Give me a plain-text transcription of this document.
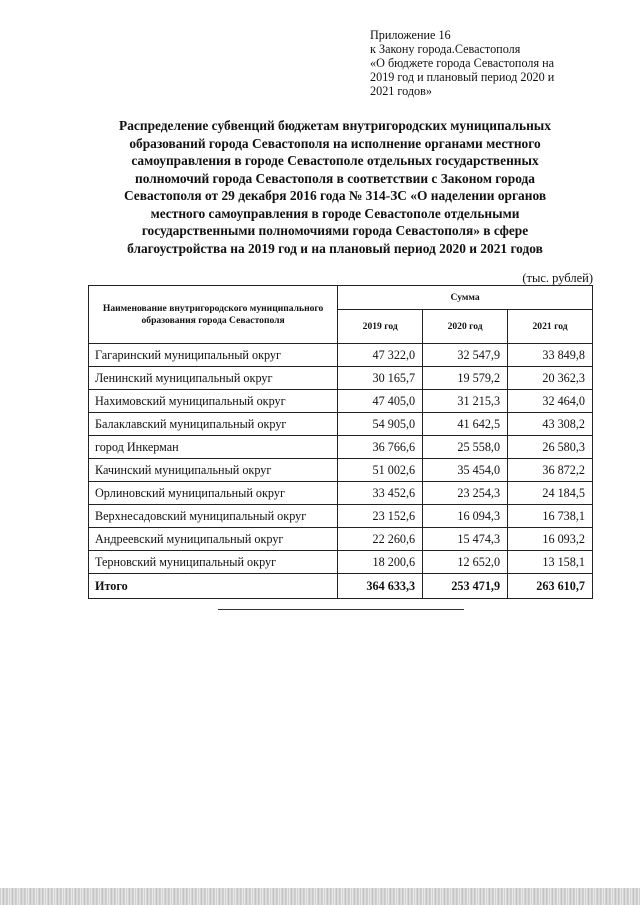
Приложение 16
к Закону города.Севастополя
«О бюджете города Севастополя на
2019 год и плановый период 2020 и
2021 годов»
Распределение субвенций бюджетам внутригородских муниципальных
образований города Севастополя на исполнение органами местного
самоуправления в городе Севастополе отдельных государственных
полномочий города Севастополя в соответствии с Законом города
Севастополя от 29 декабря 2016 года № 314-ЗС «О наделении органов
местного самоуправления в городе Севастополе отдельными
государственными полномочиями города Севастополя» в сфере
благоустройства на 2019 год и на плановый период 2020 и 2021 годов
(тыс. рублей)
Наименование внутригородского муниципального образования города Севастополя	Сумма		
	2019 год	2020 год	2021 год
Гагаринский муниципальный округ	47 322,0	32 547,9	33 849,8
Ленинский муниципальный округ	30 165,7	19 579,2	20 362,3
Нахимовский муниципальный округ	47 405,0	31 215,3	32 464,0
Балаклавский муниципальный округ	54 905,0	41 642,5	43 308,2
город Инкерман	36 766,6	25 558,0	26 580,3
Качинский муниципальный округ	51 002,6	35 454,0	36 872,2
Орлиновский муниципальный округ	33 452,6	23 254,3	24 184,5
Верхнесадовский муниципальный округ	23 152,6	16 094,3	16 738,1
Андреевский муниципальный округ	22 260,6	15 474,3	16 093,2
Терновский муниципальный округ	18 200,6	12 652,0	13 158,1
Итого	364 633,3	253 471,9	263 610,7
